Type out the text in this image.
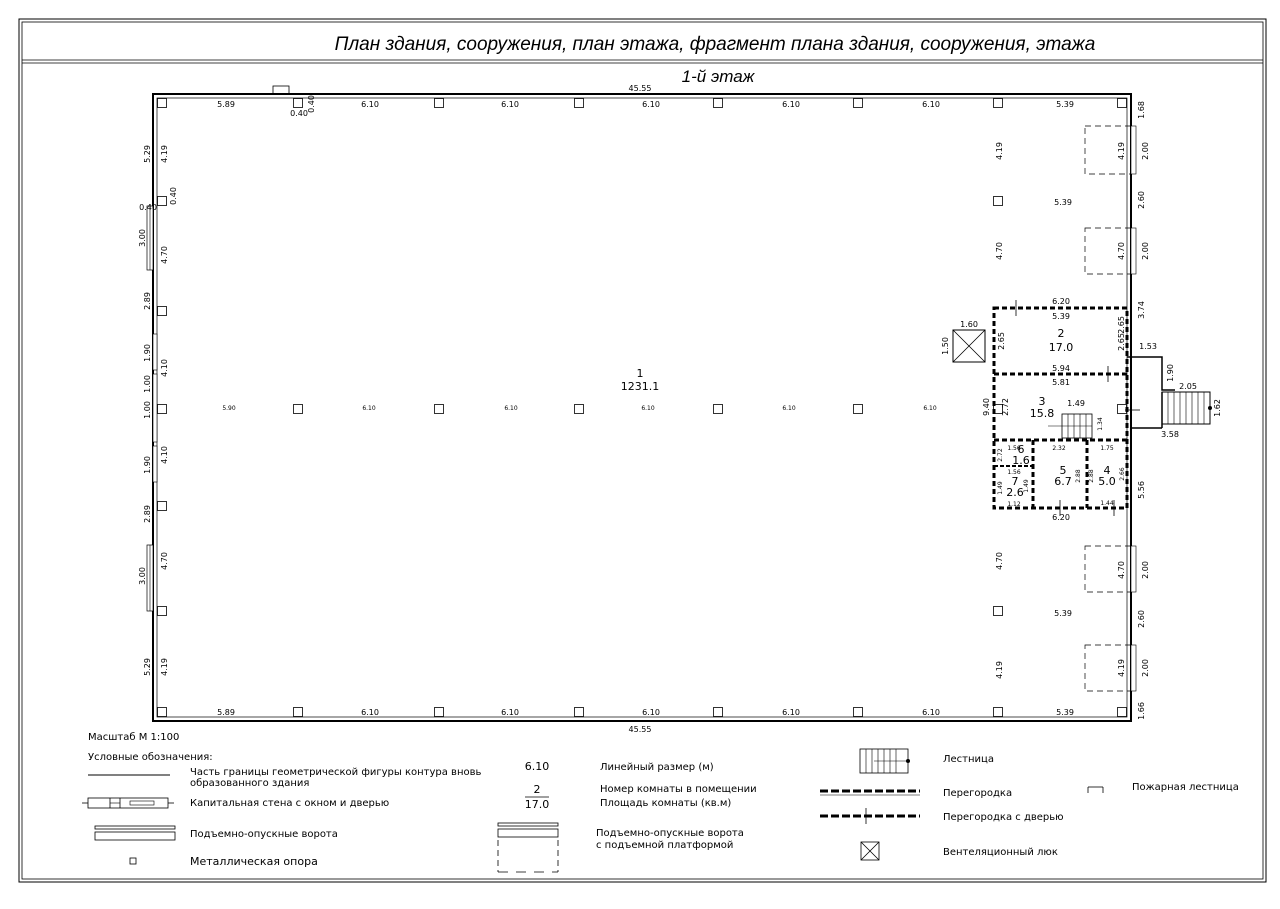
План здания, сооружения, план этажа, фрагмент плана здания, сооружения, этажа
1-й этаж
45.55
45.55
5.89	6.10	6.10	6.10	6.10	6.10	5.39
5.89	6.10	6.10	6.10	6.10	6.10	5.39
5.90	6.10	6.10	6.10	6.10	6.10
0.40
0.40
5.29
3.00
2.89
1.90
1.00
1.00
1.90
2.89
3.00
5.29
4.19
0.40
0.40
4.70
4.10
4.10
4.70
4.19
1.68
2.00
2.60
2.00
3.74
2.65
5.56
2.00
2.60
2.00
1.66
4.19
4.70
4.70
4.19
4.19
5.39
4.70
4.70
5.39
4.19
1
1231.1
1.60
1.50
2
17.0
3
15.8
4
5.0
5
6.7
6
1.6
7
2.6
6.20
5.39
2.65
2.65
5.94
5.81
2.72
9.40	1.49
1.34
2.32	1.75
6.20
1.44
1.56
2.72
1.56
1.49	1.49
1.12
2.88 2.88	2.66
1.53
1.90
2.05
1.62
3.58
Масштаб М 1:100
Условные обозначения:
Часть границы геометрической фигуры контура вновь образованного здания
Капитальная стена с окном и дверью
Подъемно-опускные ворота
Металлическая опора
6.10	Линейный размер (м)
2
17.0
Номер комнаты в помещении
Площадь комнаты (кв.м)
Подъемно-опускные ворота
с подъемной платформой
Лестница
Перегородка
Перегородка с дверью
Вентеляционный люк
Пожарная лестница
